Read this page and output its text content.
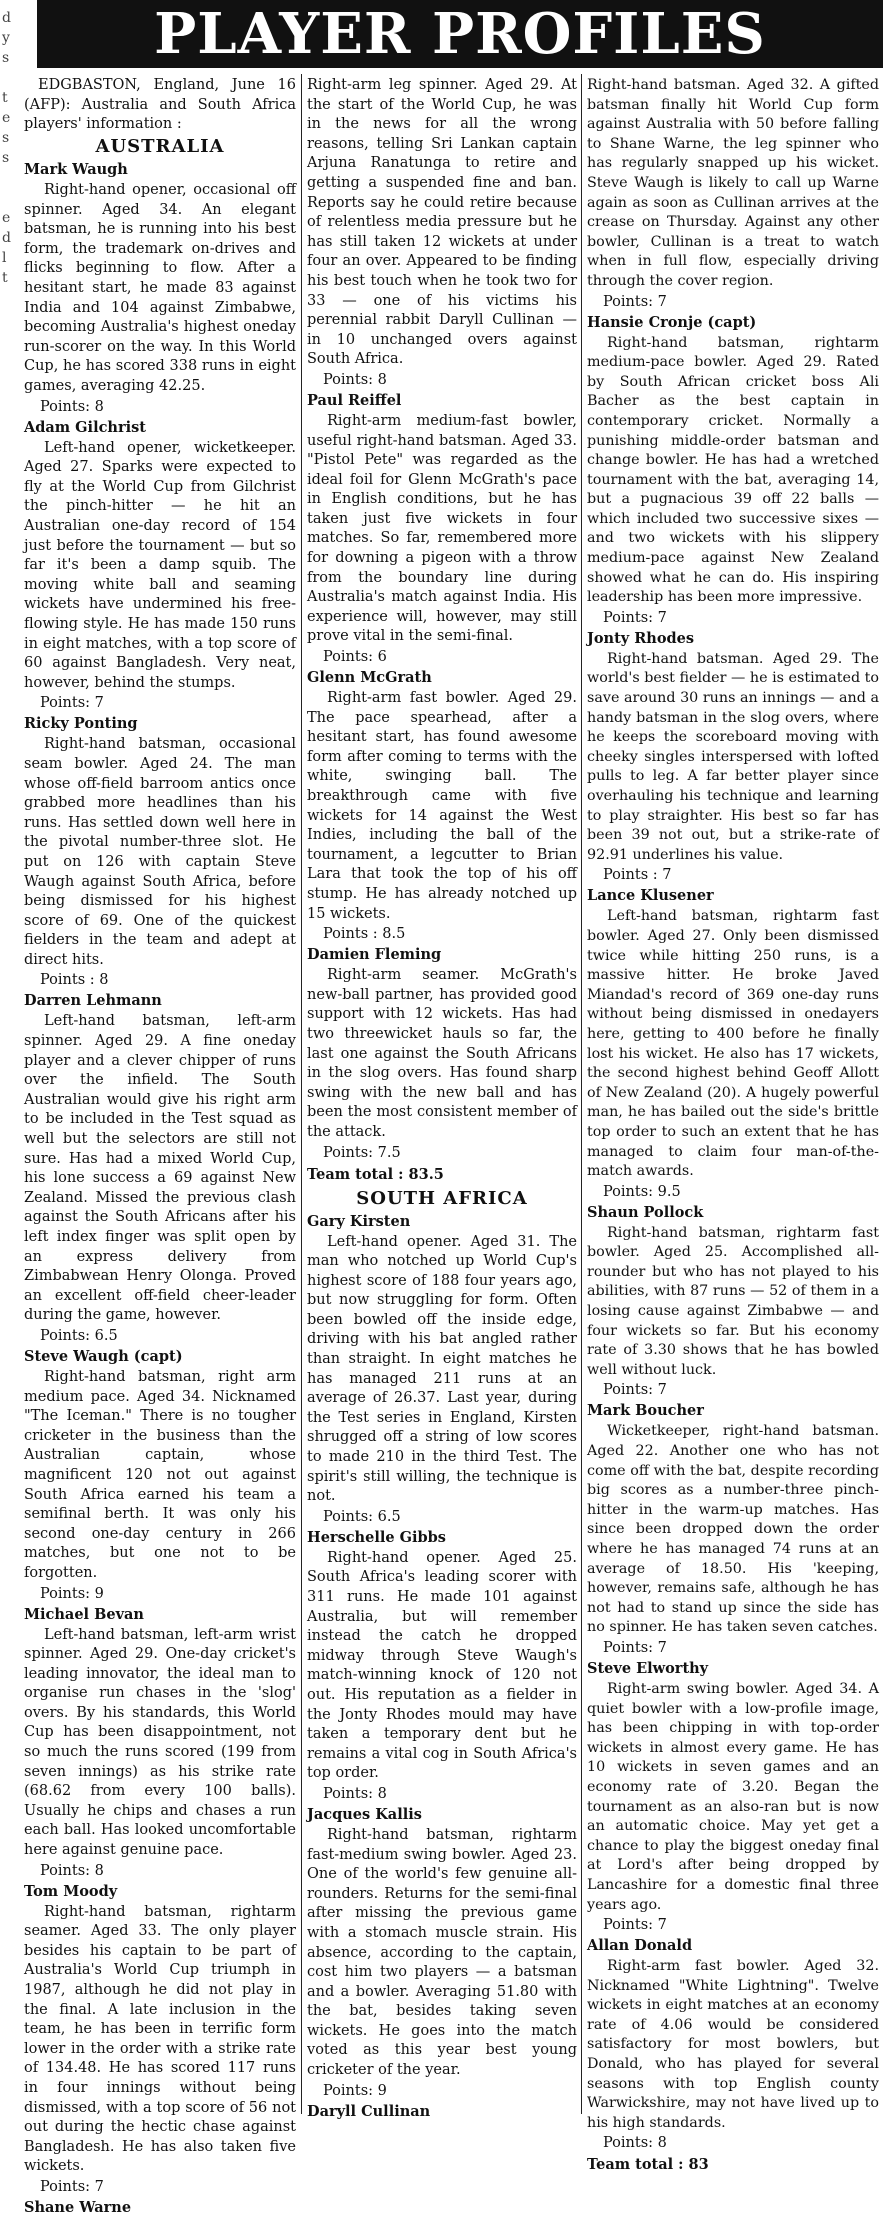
d
y
s
t
e
s
s
e
d
l
t
PLAYER PROFILES

EDGBASTON, England, June 16 (AFP): Australia and South Africa players' information :

AUSTRALIA
Mark Waugh

Right-hand opener, occasional off spinner. Aged 34. An elegant batsman, he is running into his best form, the trademark on-drives and flicks beginning to flow. After a hesitant start, he made 83 against India and 104 against Zimbabwe, becoming Australia's highest oneday run-scorer on the way. In this World Cup, he has scored 338 runs in eight games, averaging 42.25.

Points: 8
Adam Gilchrist

Left-hand opener, wicketkeeper. Aged 27. Sparks were expected to fly at the World Cup from Gilchrist the pinch-hitter — he hit an Australian one-day record of 154 just before the tournament — but so far it's been a damp squib. The moving white ball and seaming wickets have undermined his free-flowing style. He has made 150 runs in eight matches, with a top score of 60 against Bangladesh. Very neat, however, behind the stumps.

Points: 7
Ricky Ponting

Right-hand batsman, occasional seam bowler. Aged 24. The man whose off-field barroom antics once grabbed more headlines than his runs. Has settled down well here in the pivotal number-three slot. He put on 126 with captain Steve Waugh against South Africa, before being dismissed for his highest score of 69. One of the quickest fielders in the team and adept at direct hits.

Points : 8
Darren Lehmann

Left-hand batsman, left-arm spinner. Aged 29. A fine oneday player and a clever chipper of runs over the infield. The South Australian would give his right arm to be included in the Test squad as well but the selectors are still not sure. Has had a mixed World Cup, his lone success a 69 against New Zealand. Missed the previous clash against the South Africans after his left index finger was split open by an express delivery from Zimbabwean Henry Olonga. Proved an excellent off-field cheer-leader during the game, however.

Points: 6.5
Steve Waugh (capt)

Right-hand batsman, right arm medium pace. Aged 34. Nicknamed "The Iceman." There is no tougher cricketer in the business than the Australian captain, whose magnificent 120 not out against South Africa earned his team a semifinal berth. It was only his second one-day century in 266 matches, but one not to be forgotten.

Points: 9
Michael Bevan

Left-hand batsman, left-arm wrist spinner. Aged 29. One-day cricket's leading innovator, the ideal man to organise run chases in the 'slog' overs. By his standards, this World Cup has been disappointment, not so much the runs scored (199 from seven innings) as his strike rate (68.62 from every 100 balls). Usually he chips and chases a run each ball. Has looked uncomfortable here against genuine pace.

Points: 8
Tom Moody

Right-hand batsman, rightarm seamer. Aged 33. The only player besides his captain to be part of Australia's World Cup triumph in 1987, although he did not play in the final. A late inclusion in the team, he has been in terrific form lower in the order with a strike rate of 134.48. He has scored 117 runs in four innings without being dismissed, with a top score of 56 not out during the hectic chase against Bangladesh. He has also taken five wickets.

Points: 7
Shane Warne

Right-arm leg spinner. Aged 29. At the start of the World Cup, he was in the news for all the wrong reasons, telling Sri Lankan captain Arjuna Ranatunga to retire and getting a suspended fine and ban. Reports say he could retire because of relentless media pressure but he has still taken 12 wickets at under four an over. Appeared to be finding his best touch when he took two for 33 — one of his victims his perennial rabbit Daryll Cullinan — in 10 unchanged overs against South Africa.

Points: 8
Paul Reiffel

Right-arm medium-fast bowler, useful right-hand batsman. Aged 33. "Pistol Pete" was regarded as the ideal foil for Glenn McGrath's pace in English conditions, but he has taken just five wickets in four matches. So far, remembered more for downing a pigeon with a throw from the boundary line during Australia's match against India. His experience will, however, may still prove vital in the semi-final.

Points: 6
Glenn McGrath

Right-arm fast bowler. Aged 29. The pace spearhead, after a hesitant start, has found awesome form after coming to terms with the white, swinging ball. The breakthrough came with five wickets for 14 against the West Indies, including the ball of the tournament, a legcutter to Brian Lara that took the top of his off stump. He has already notched up 15 wickets.

Points : 8.5
Damien Fleming

Right-arm seamer. McGrath's new-ball partner, has provided good support with 12 wickets. Has had two threewicket hauls so far, the last one against the South Africans in the slog overs. Has found sharp swing with the new ball and has been the most consistent member of the attack.

Points: 7.5
Team total : 83.5
SOUTH AFRICA
Gary Kirsten

Left-hand opener. Aged 31. The man who notched up World Cup's highest score of 188 four years ago, but now struggling for form. Often been bowled off the inside edge, driving with his bat angled rather than straight. In eight matches he has managed 211 runs at an average of 26.37. Last year, during the Test series in England, Kirsten shrugged off a string of low scores to made 210 in the third Test. The spirit's still willing, the technique is not.

Points: 6.5
Herschelle Gibbs

Right-hand opener. Aged 25. South Africa's leading scorer with 311 runs. He made 101 against Australia, but will remember instead the catch he dropped midway through Steve Waugh's match-winning knock of 120 not out. His reputation as a fielder in the Jonty Rhodes mould may have taken a temporary dent but he remains a vital cog in South Africa's top order.

Points: 8
Jacques Kallis

Right-hand batsman, rightarm fast-medium swing bowler. Aged 23. One of the world's few genuine all-rounders. Returns for the semi-final after missing the previous game with a stomach muscle strain. His absence, according to the captain, cost him two players — a batsman and a bowler. Averaging 51.80 with the bat, besides taking seven wickets. He goes into the match voted as this year best young cricketer of the year.

Points: 9
Daryll Cullinan

Right-hand batsman. Aged 32. A gifted batsman finally hit World Cup form against Australia with 50 before falling to Shane Warne, the leg spinner who has regularly snapped up his wicket. Steve Waugh is likely to call up Warne again as soon as Cullinan arrives at the crease on Thursday. Against any other bowler, Cullinan is a treat to watch when in full flow, especially driving through the cover region.

Points: 7
Hansie Cronje (capt)

Right-hand batsman, rightarm medium-pace bowler. Aged 29. Rated by South African cricket boss Ali Bacher as the best captain in contemporary cricket. Normally a punishing middle-order batsman and change bowler. He has had a wretched tournament with the bat, averaging 14, but a pugnacious 39 off 22 balls — which included two successive sixes — and two wickets with his slippery medium-pace against New Zealand showed what he can do. His inspiring leadership has been more impressive.

Points: 7
Jonty Rhodes

Right-hand batsman. Aged 29. The world's best fielder — he is estimated to save around 30 runs an innings — and a handy batsman in the slog overs, where he keeps the scoreboard moving with cheeky singles interspersed with lofted pulls to leg. A far better player since overhauling his technique and learning to play straighter. His best so far has been 39 not out, but a strike-rate of 92.91 underlines his value.

Points : 7
Lance Klusener

Left-hand batsman, rightarm fast bowler. Aged 27. Only been dismissed twice while hitting 250 runs, is a massive hitter. He broke Javed Miandad's record of 369 one-day runs without being dismissed in onedayers here, getting to 400 before he finally lost his wicket. He also has 17 wickets, the second highest behind Geoff Allott of New Zealand (20). A hugely powerful man, he has bailed out the side's brittle top order to such an extent that he has managed to claim four man-of-the-match awards.

Points: 9.5
Shaun Pollock

Right-hand batsman, rightarm fast bowler. Aged 25. Accomplished all-rounder but who has not played to his abilities, with 87 runs — 52 of them in a losing cause against Zimbabwe — and four wickets so far. But his economy rate of 3.30 shows that he has bowled well without luck.

Points: 7
Mark Boucher

Wicketkeeper, right-hand batsman. Aged 22. Another one who has not come off with the bat, despite recording big scores as a number-three pinch-hitter in the warm-up matches. Has since been dropped down the order where he has managed 74 runs at an average of 18.50. His 'keeping, however, remains safe, although he has not had to stand up since the side has no spinner. He has taken seven catches.

Points: 7
Steve Elworthy

Right-arm swing bowler. Aged 34. A quiet bowler with a low-profile image, has been chipping in with top-order wickets in almost every game. He has 10 wickets in seven games and an economy rate of 3.20. Began the tournament as an also-ran but is now an automatic choice. May yet get a chance to play the biggest oneday final at Lord's after being dropped by Lancashire for a domestic final three years ago.

Points: 7
Allan Donald

Right-arm fast bowler. Aged 32. Nicknamed "White Lightning". Twelve wickets in eight matches at an economy rate of 4.06 would be considered satisfactory for most bowlers, but Donald, who has played for several seasons with top English county Warwickshire, may not have lived up to his high standards.

Points: 8
Team total : 83
